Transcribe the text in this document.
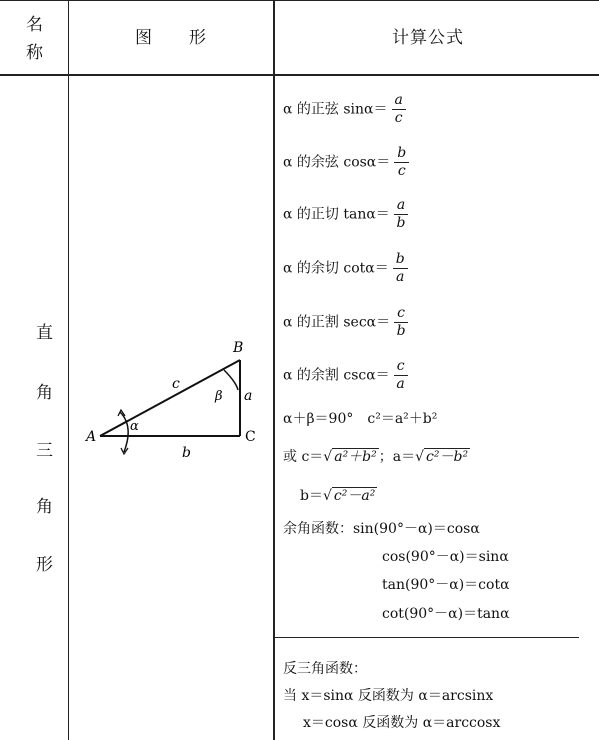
名
称
图　　形	计算公式
直
角
三
角
形
A
B
C
a
b
c
α
β
α 的正弦 $\sin\alpha= \frac{a}{c}$
α 的余弦 $\cos\alpha= \frac{b}{c}$
α 的正切 $\tan\alpha= \frac{a}{b}$
α 的余切 $\cot\alpha= \frac{b}{a}$
α 的正割 $\sec\alpha= \frac{c}{b}$
α 的余割 $\csc\alpha= \frac{c}{a}$
α＋β＝90°　c²＝a²＋b²
或 c＝√ a²＋b² ；a＝√ c²－b²
b＝√ c²－a²
余角函数：sin(90°－α)＝cosα
cos(90°－α)＝sinα
tan(90°－α)＝cotα
cot(90°－α)＝tanα
反三角函数：
当 x＝sinα 反函数为 α＝arcsinx
x＝cosα 反函数为 α＝arccosx
